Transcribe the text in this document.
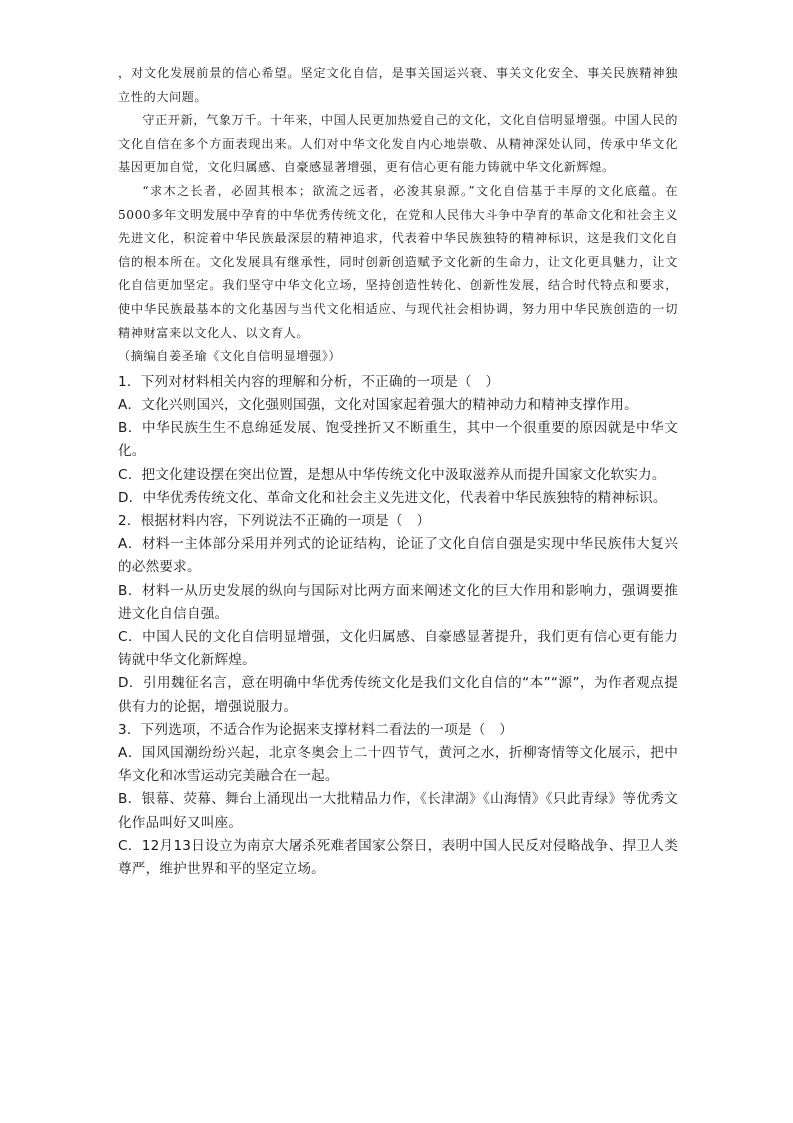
，对文化发展前景的信心希望。坚定文化自信，是事关国运兴衰、事关文化安全、事关民族精神独立性的大问题。

守正开新，气象万千。十年来，中国人民更加热爱自己的文化，文化自信明显增强。中国人民的文化自信在多个方面表现出来。人们对中华文化发自内心地崇敬、从精神深处认同，传承中华文化基因更加自觉，文化归属感、自豪感显著增强，更有信心更有能力铸就中华文化新辉煌。

“求木之长者，必固其根本；欲流之远者，必浚其泉源。”文化自信基于丰厚的文化底蕴。在5000多年文明发展中孕育的中华优秀传统文化，在党和人民伟大斗争中孕育的革命文化和社会主义先进文化，积淀着中华民族最深层的精神追求，代表着中华民族独特的精神标识，这是我们文化自信的根本所在。文化发展具有继承性，同时创新创造赋予文化新的生命力，让文化更具魅力，让文化自信更加坚定。我们坚守中华文化立场，坚持创造性转化、创新性发展，结合时代特点和要求，使中华民族最基本的文化基因与当代文化相适应、与现代社会相协调，努力用中华民族创造的一切精神财富来以文化人、以文育人。

（摘编自姜圣瑜《文化自信明显增强》）

1．下列对材料相关内容的理解和分析，不正确的一项是（　）

A．文化兴则国兴，文化强则国强，文化对国家起着强大的精神动力和精神支撑作用。

B．中华民族生生不息绵延发展、饱受挫折又不断重生，其中一个很重要的原因就是中华文化。

C．把文化建设摆在突出位置，是想从中华传统文化中汲取滋养从而提升国家文化软实力。

D．中华优秀传统文化、革命文化和社会主义先进文化，代表着中华民族独特的精神标识。

2．根据材料内容，下列说法不正确的一项是（　）

A．材料一主体部分采用并列式的论证结构，论证了文化自信自强是实现中华民族伟大复兴的必然要求。

B．材料一从历史发展的纵向与国际对比两方面来阐述文化的巨大作用和影响力，强调要推进文化自信自强。

C．中国人民的文化自信明显增强，文化归属感、自豪感显著提升，我们更有信心更有能力铸就中华文化新辉煌。

D．引用魏征名言，意在明确中华优秀传统文化是我们文化自信的“本”“源”，为作者观点提供有力的论据，增强说服力。

3．下列选项，不适合作为论据来支撑材料二看法的一项是（　）

A．国风国潮纷纷兴起，北京冬奥会上二十四节气，黄河之水，折柳寄情等文化展示，把中华文化和冰雪运动完美融合在一起。

B．银幕、荧幕、舞台上涌现出一大批精品力作，《长津湖》《山海情》《只此青绿》等优秀文化作品叫好又叫座。

C．12月13日设立为南京大屠杀死难者国家公祭日，表明中国人民反对侵略战争、捍卫人类尊严，维护世界和平的坚定立场。
